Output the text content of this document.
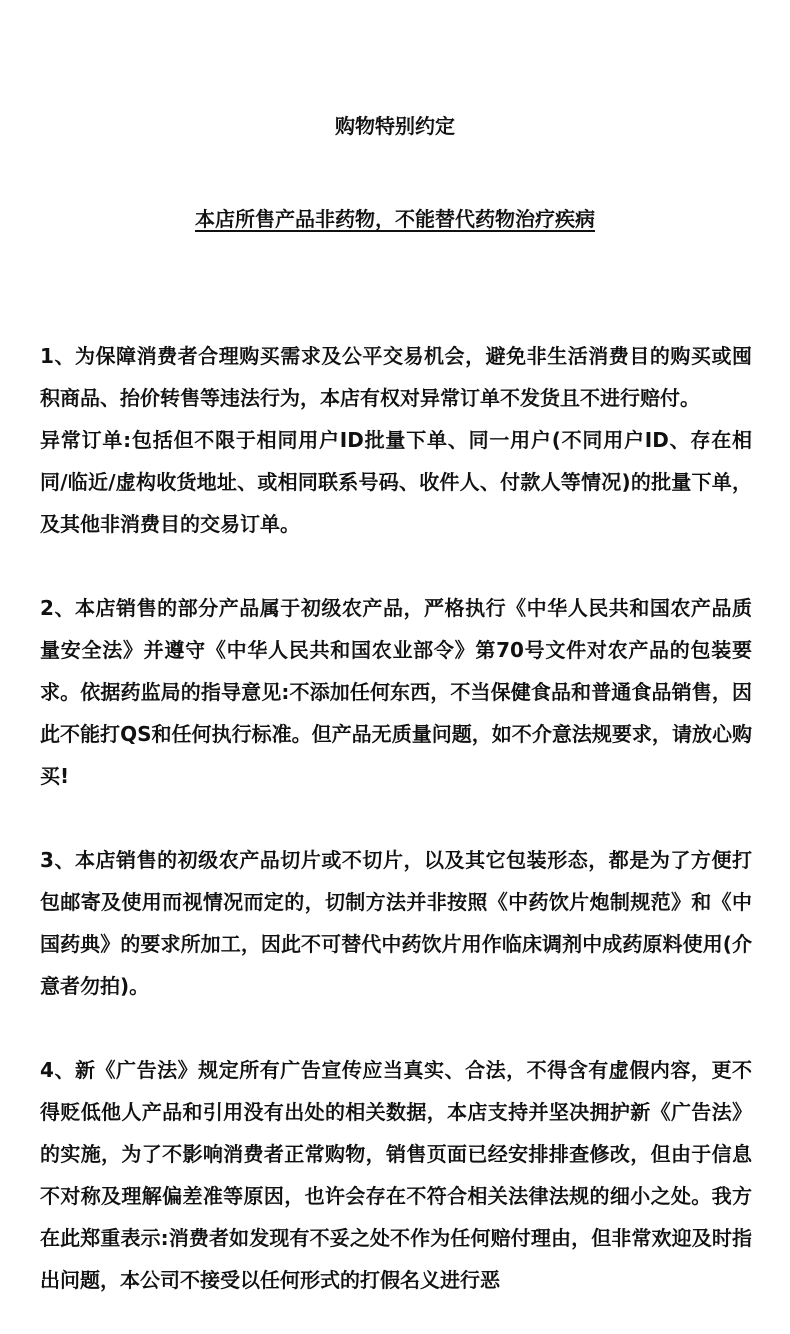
购物特别约定
本店所售产品非药物，不能替代药物治疗疾病

1、为保障消费者合理购买需求及公平交易机会，避免非生活消费目的购买或囤积商品、抬价转售等违法行为，本店有权对异常订单不发货且不进行赔付。

异常订单:包括但不限于相同用户ID批量下单、同一用户(不同用户ID、存在相同/临近/虚构收货地址、或相同联系号码、收件人、付款人等情况)的批量下单，及其他非消费目的交易订单。

2、本店销售的部分产品属于初级农产品，严格执行《中华人民共和国农产品质量安全法》并遵守《中华人民共和国农业部令》第70号文件对农产品的包装要求。依据药监局的指导意见:不添加任何东西，不当保健食品和普通食品销售，因此不能打QS和任何执行标准。但产品无质量问题，如不介意法规要求，请放心购买!

3、本店销售的初级农产品切片或不切片，以及其它包装形态，都是为了方便打包邮寄及使用而视情况而定的，切制方法并非按照《中药饮片炮制规范》和《中国药典》的要求所加工，因此不可替代中药饮片用作临床调剂中成药原料使用(介意者勿拍)。

4、新《广告法》规定所有广告宣传应当真实、合法，不得含有虚假内容，更不得贬低他人产品和引用没有出处的相关数据，本店支持并坚决拥护新《广告法》的实施，为了不影响消费者正常购物，销售页面已经安排排查修改，但由于信息不对称及理解偏差准等原因，也许会存在不符合相关法律法规的细小之处。我方在此郑重表示:消费者如发现有不妥之处不作为任何赔付理由，但非常欢迎及时指出问题，本公司不接受以任何形式的打假名义进行恶
